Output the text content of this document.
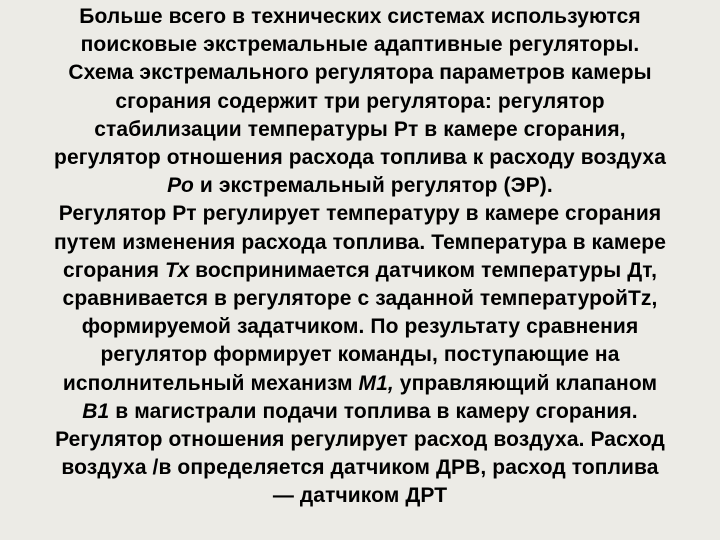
Больше всего в технических системах используются
поисковые экстремальные адаптивные регуляторы.
Схема экстремального регулятора параметров камеры
сгорания содержит три регулятора: регулятор
стабилизации температуры Рт в камере сгорания,
регулятор отношения расхода топлива к расходу воздуха
Ро и экстремальный регулятор (ЭР).
Регулятор Рт регулирует температуру в камере сгорания
путем изменения расхода топлива. Температура в камере
сгорания Тх воспринимается датчиком температуры Дт,
сравнивается в регуляторе с заданной температуройTz,
формируемой задатчиком. По результату сравнения
регулятор формирует команды, поступающие на
исполнительный механизм М1, управляющий клапаном
В1 в магистрали подачи топлива в камеру сгорания.
Регулятор отношения регулирует расход воздуха. Расход
воздуха /в определяется датчиком ДРВ, расход топлива
— датчиком ДРТ
